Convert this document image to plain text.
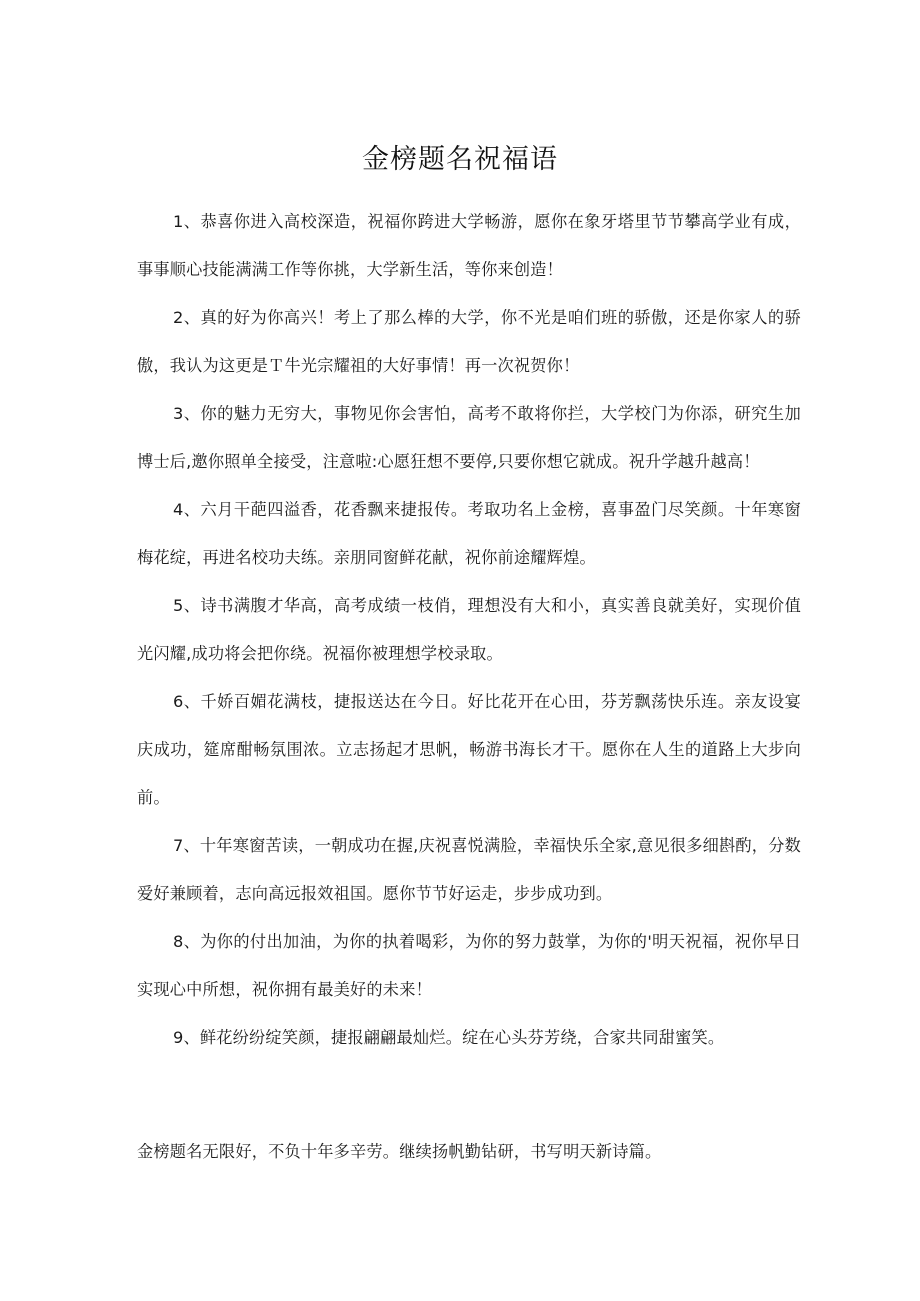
金榜题名祝福语

1、恭喜你进入高校深造，祝福你跨进大学畅游，愿你在象牙塔里节节攀高学业有成，事事顺心技能满满工作等你挑，大学新生活，等你来创造！

2、真的好为你高兴！考上了那么棒的大学，你不光是咱们班的骄傲，还是你家人的骄傲，我认为这更是Ｔ牛光宗耀祖的大好事情！再一次祝贺你！

3、你的魅力无穷大，事物见你会害怕，高考不敢将你拦，大学校门为你添，研究生加博士后,邀你照单全接受，注意啦:心愿狂想不要停,只要你想它就成。祝升学越升越高！

4、六月干葩四溢香，花香飘来捷报传。考取功名上金榜，喜事盈门尽笑颜。十年寒窗梅花绽，再进名校功夫练。亲朋同窗鲜花献，祝你前途耀辉煌。

5、诗书满腹才华高，高考成绩一枝俏，理想没有大和小，真实善良就美好，实现价值光闪耀,成功将会把你绕。祝福你被理想学校录取。

6、千娇百媚花满枝，捷报送达在今日。好比花开在心田，芬芳飘荡快乐连。亲友设宴庆成功，筵席酣畅氛围浓。立志扬起才思帆，畅游书海长才干。愿你在人生的道路上大步向前。

7、十年寒窗苦读，一朝成功在握,庆祝喜悦满脸，幸福快乐全家,意见很多细斟酌，分数爱好兼顾着，志向高远报效祖国。愿你节节好运走，步步成功到。

8、为你的付出加油，为你的执着喝彩，为你的努力鼓掌，为你的'明天祝福，祝你早日实现心中所想，祝你拥有最美好的未来！

9、鲜花纷纷绽笑颜，捷报翩翩最灿烂。绽在心头芬芳绕，合家共同甜蜜笑。

金榜题名无限好，不负十年多辛劳。继续扬帆勤钻研，书写明天新诗篇。
